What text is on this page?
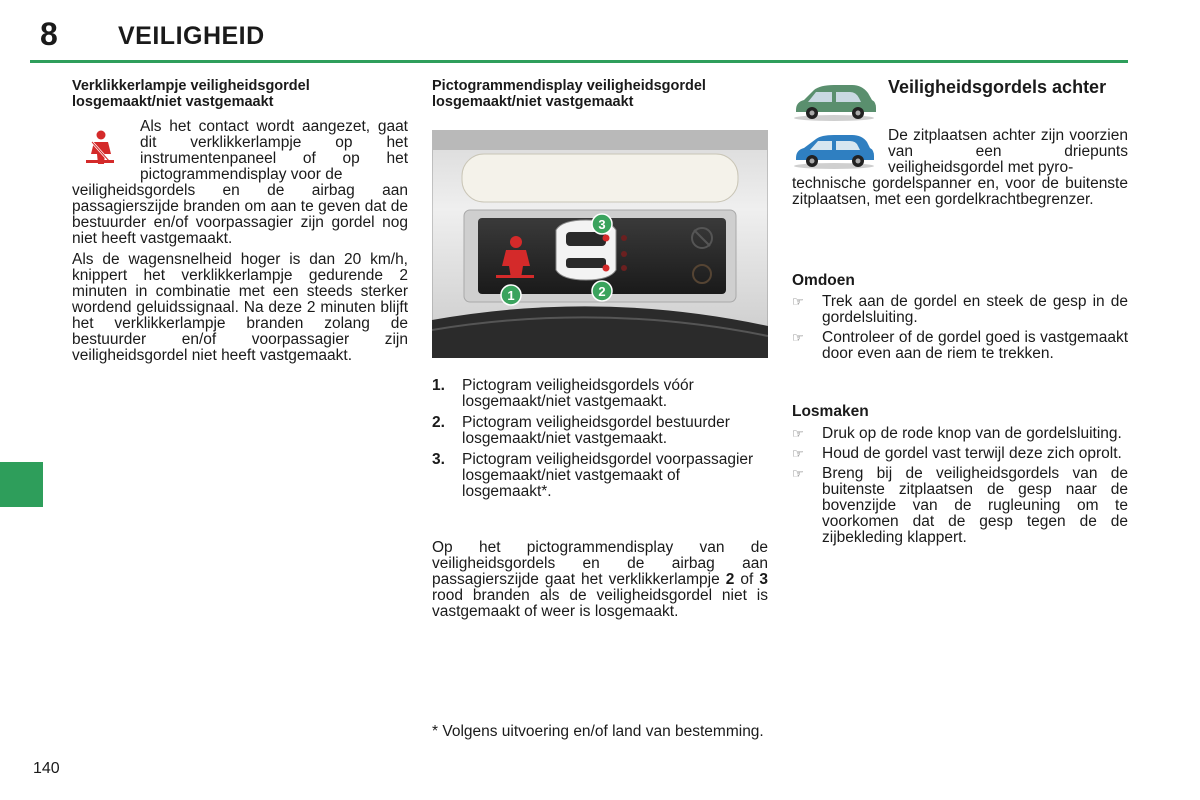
8 VEILIGHEID
140

Verklikkerlampje veiligheidsgordel losgemaakt/niet vastgemaakt

Als het contact wordt aangezet, gaat dit verklikkerlampje op het instrumentenpaneel of op het pictogrammendisplay voor de
veiligheidsgordels en de airbag aan passagierszijde branden om aan te geven dat de bestuurder en/of voorpassagier zijn gordel nog niet heeft vastgemaakt.

Als de wagensnelheid hoger is dan 20 km/h, knippert het verklikkerlampje gedurende 2 minuten in combinatie met een steeds sterker wordend geluidssignaal. Na deze 2 minuten blijft het verklikkerlampje branden zolang de bestuurder en/of voorpassagier zijn veiligheidsgordel niet heeft vastgemaakt.

Pictogrammendisplay veiligheidsgordel losgemaakt/niet vastgemaakt

1	2
3
1.	Pictogram veiligheidsgordels vóór losgemaakt/niet vastgemaakt.
2.	Pictogram veiligheidsgordel bestuurder losgemaakt/niet vastgemaakt.
3.	Pictogram veiligheidsgordel voorpassagier losgemaakt/niet vastgemaakt of losgemaakt*.

Op het pictogrammendisplay van de veiligheidsgordels en de airbag aan passagierszijde gaat het verklikkerlampje 2 of 3 rood branden als de veiligheidsgordel niet is vastgemaakt of weer is losgemaakt.

* Volgens uitvoering en/of land van bestemming.

Veiligheidsgordels achter

De zitplaatsen achter zijn voorzien van een driepunts veiligheidsgordel met pyro-
technische gordelspanner en, voor de buitenste zitplaatsen, met een gordelkrachtbegrenzer.

Omdoen

☞	Trek aan de gordel en steek de gesp in de gordelsluiting.
☞	Controleer of de gordel goed is vastgemaakt door even aan de riem te trekken.

Losmaken

☞	Druk op de rode knop van de gordelsluiting.
☞	Houd de gordel vast terwijl deze zich oprolt.
☞	Breng bij de veiligheidsgordels van de buitenste zitplaatsen de gesp naar de bovenzijde van de rugleuning om te voorkomen dat de gesp tegen de de zijbekleding klappert.
